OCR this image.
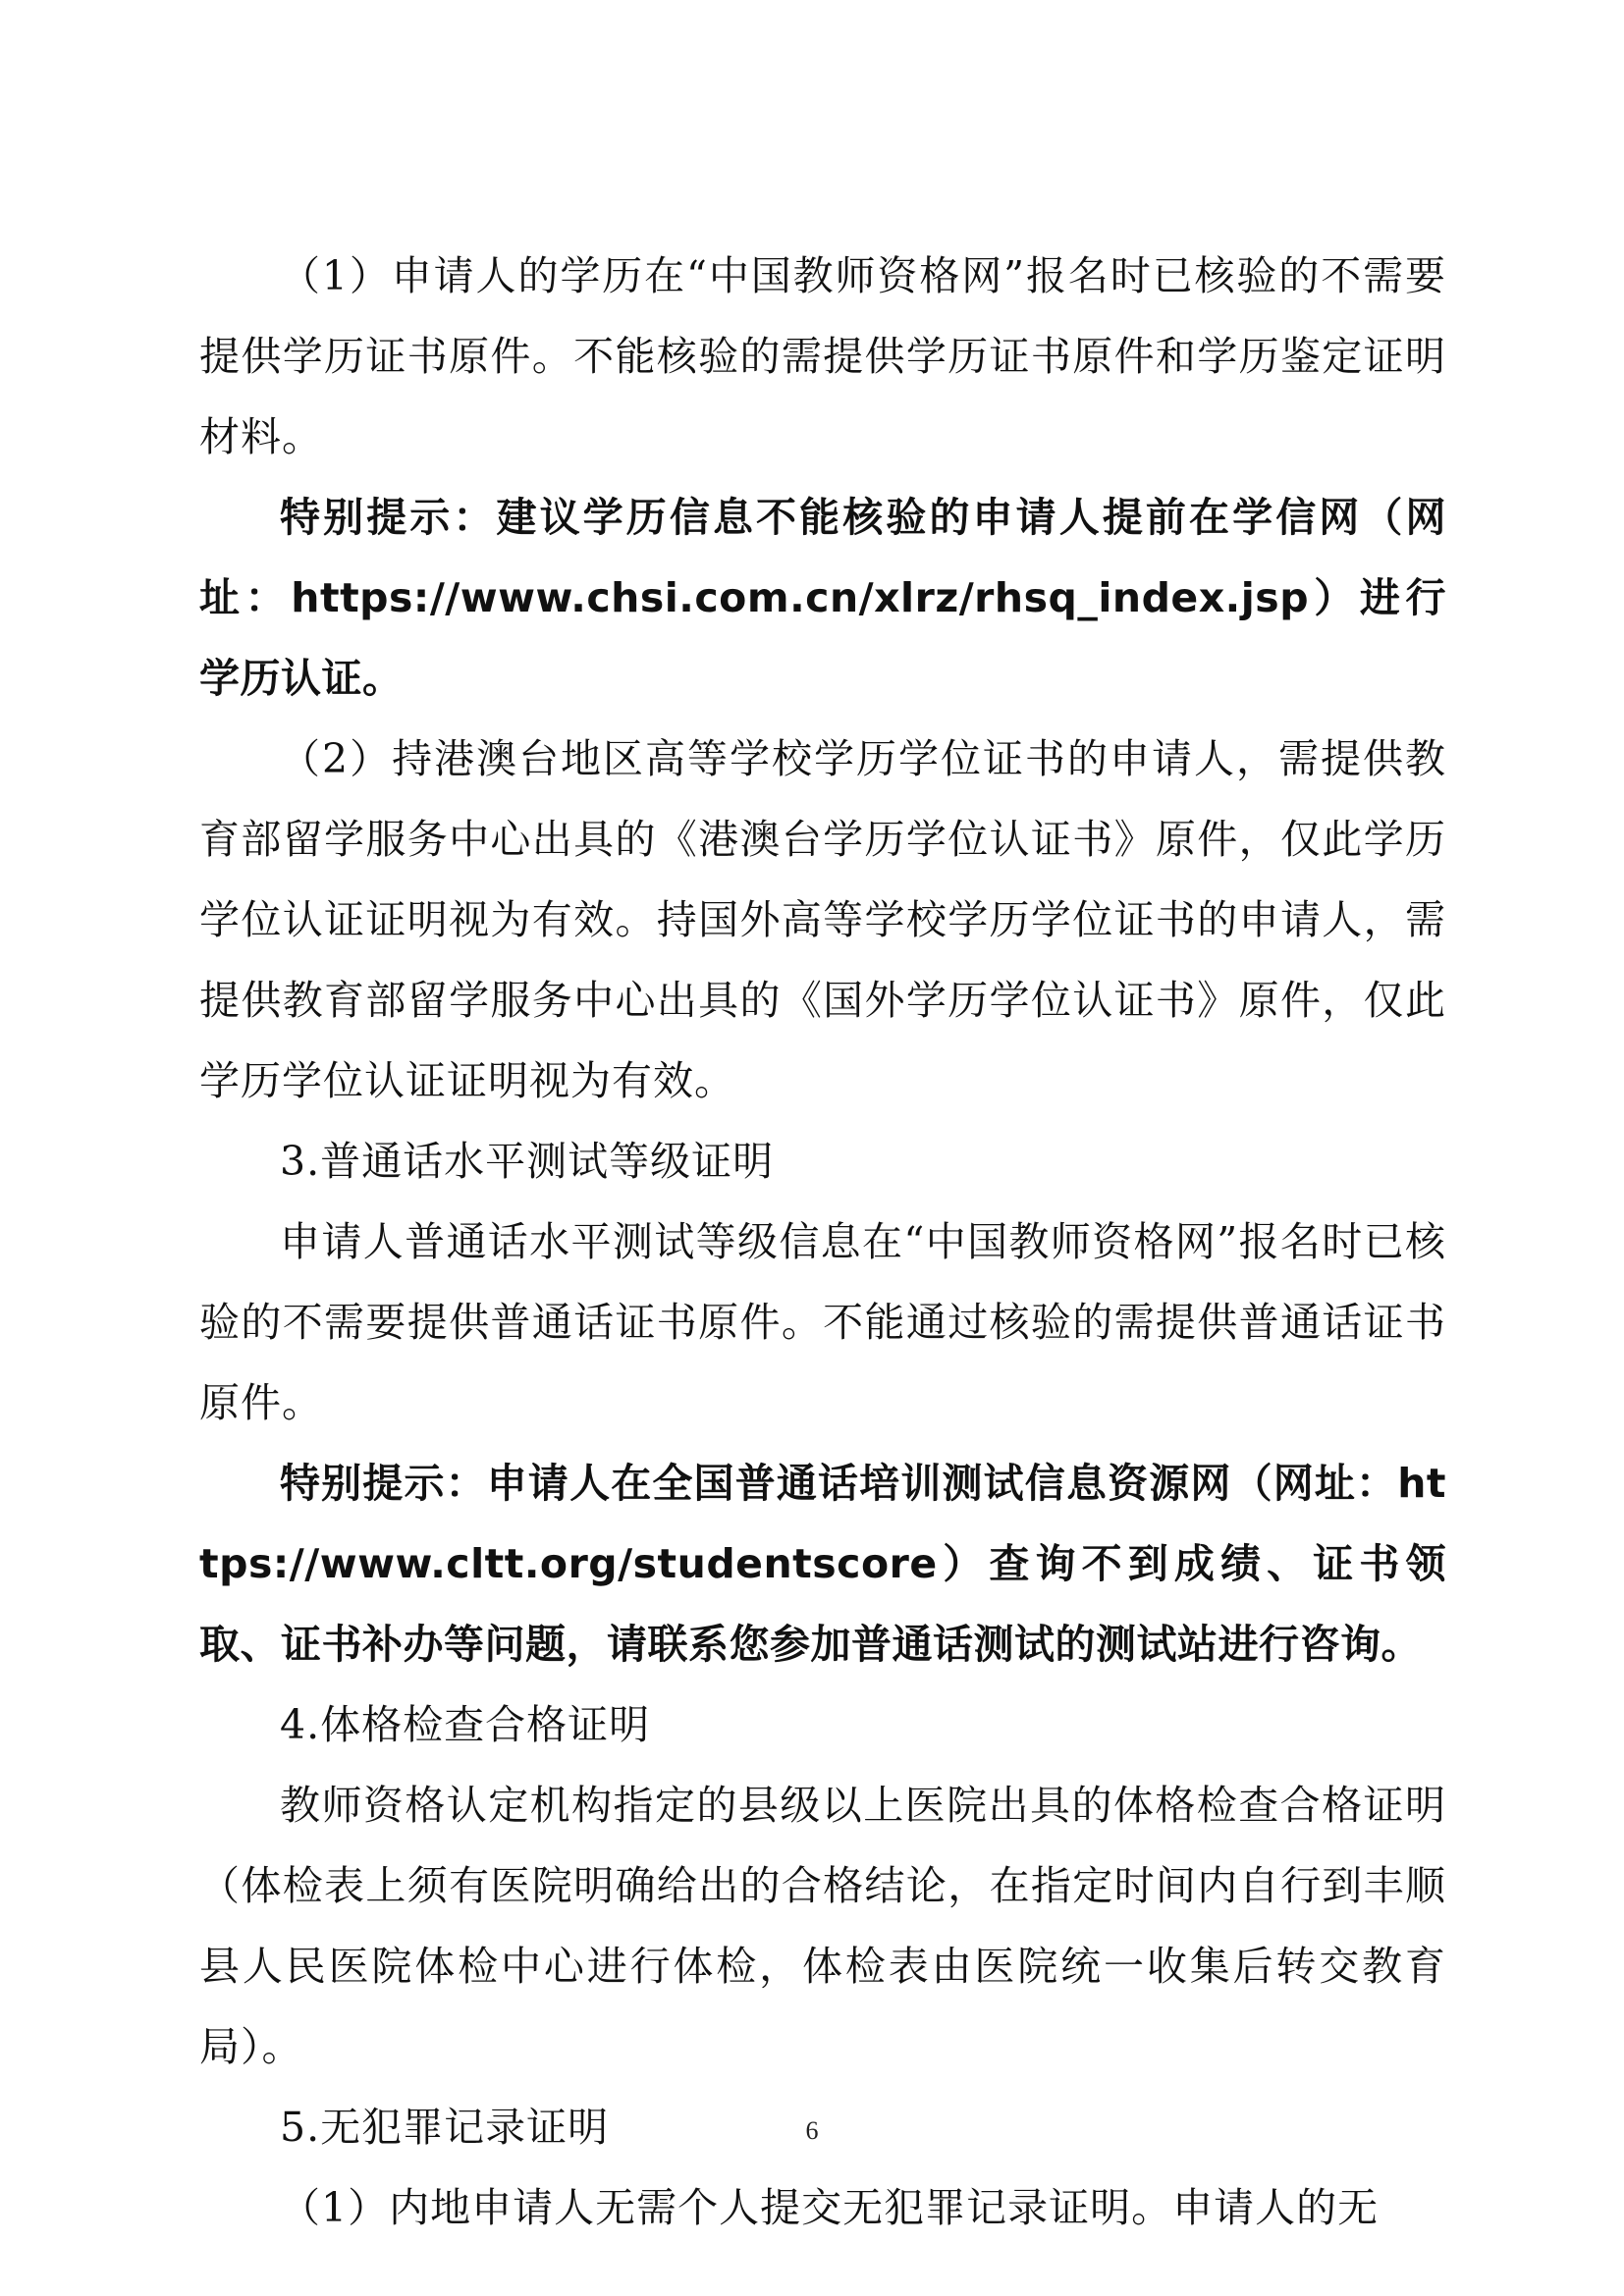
（1）申请人的学历在“中国教师资格网”报名时已核验的不需要提供学历证书原件。不能核验的需提供学历证书原件和学历鉴定证明材料。

特别提示：建议学历信息不能核验的申请人提前在学信网（网址：https://www.chsi.com.cn/xlrz/rhsq_index.jsp）进行学历认证。

（2）持港澳台地区高等学校学历学位证书的申请人，需提供教育部留学服务中心出具的《港澳台学历学位认证书》原件，仅此学历学位认证证明视为有效。持国外高等学校学历学位证书的申请人，需提供教育部留学服务中心出具的《国外学历学位认证书》原件，仅此学历学位认证证明视为有效。

3.普通话水平测试等级证明

申请人普通话水平测试等级信息在“中国教师资格网”报名时已核验的不需要提供普通话证书原件。不能通过核验的需提供普通话证书原件。

特别提示：申请人在全国普通话培训测试信息资源网（网址：https://www.cltt.org/studentscore）查询不到成绩、证书领取、证书补办等问题，请联系您参加普通话测试的测试站进行咨询。

4.体格检查合格证明

教师资格认定机构指定的县级以上医院出具的体格检查合格证明（体检表上须有医院明确给出的合格结论，在指定时间内自行到丰顺县人民医院体检中心进行体检，体检表由医院统一收集后转交教育局）。

5.无犯罪记录证明

（1）内地申请人无需个人提交无犯罪记录证明。申请人的无

6
